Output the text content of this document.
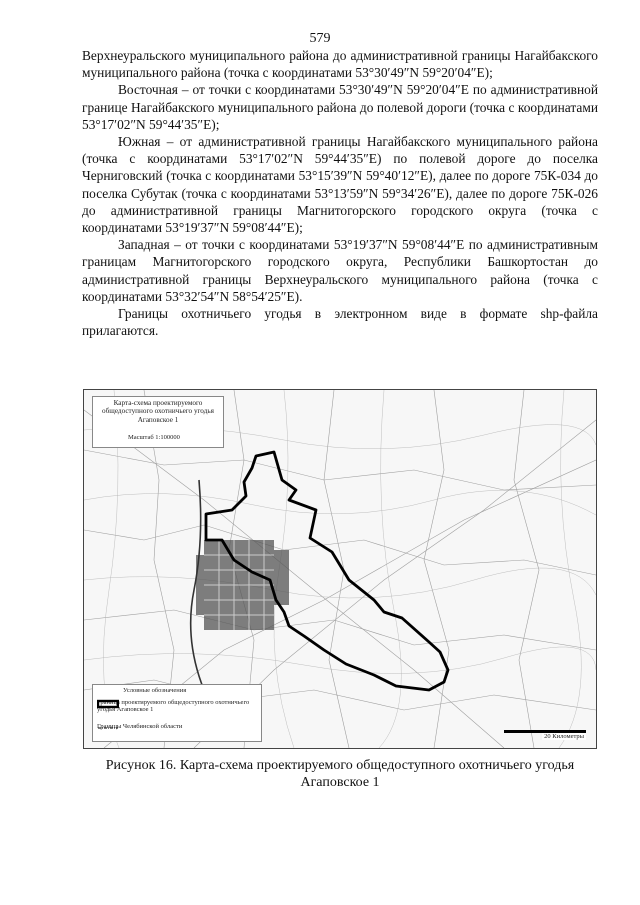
579

Верхнеуральского муниципального района до административной границы Нагайбакского муниципального района (точка с координатами 53°30′49″N 59°20′04″E);

Восточная – от точки с координатами 53°30′49″N 59°20′04″E по административной границе Нагайбакского муниципального района до полевой дороги (точка с координатами 53°17′02″N 59°44′35″E);

Южная – от административной границы Нагайбакского муниципального района (точка с координатами 53°17′02″N 59°44′35″E) по полевой дороге до поселка Черниговский (точка с координатами 53°15′39″N 59°40′12″E), далее по дороге 75К-034 до поселка Субутак (точка с координатами 53°13′59″N 59°34′26″E), далее по дороге 75К-026 до административной границы Магнитогорского городского округа (точка с координатами 53°19′37″N 59°08′44″E);

Западная – от точки с координатами 53°19′37″N 59°08′44″E по административным границам Магнитогорского городского округа, Республики Башкортостан до административной границы Верхнеуральского муниципального района (точка с координатами 53°32′54″N 58°54′25″E).

Границы охотничьего угодья в электронном виде в формате shp-файла прилагаются.

Карта-схема проектируемого общедоступного охотничьего угодья Агаповское 1
Масштаб 1:100000
Условные обозначения
Граница проектируемого общедоступного охотничьего угодья Агаповское 1
Границы Челябинской области
20 Километры
Рисунок 16. Карта-схема проектируемого общедоступного охотничьего угодья
Агаповское 1
